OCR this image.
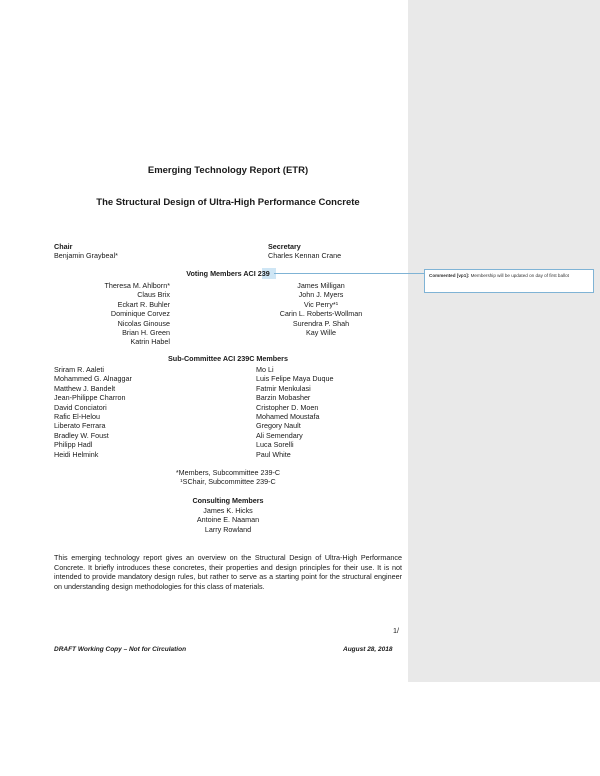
Emerging Technology Report (ETR)
The Structural Design of Ultra-High Performance Concrete
Chair
Benjamin Graybeal*
Secretary
Charles Kennan Crane
Voting Members ACI 239
Theresa M. Ahlborn*
Claus Brix
Eckart R. Buhler
Dominique Corvez
Nicolas Ginouse
Brian H. Green
Katrin Habel
James Milligan
John J. Myers
Vic Perry*¹
Carin L. Roberts-Wollman
Surendra P. Shah
Kay Wille
Sub-Committee ACI 239C Members
Sriram R. Aaleti
Mohammed G. Alnaggar
Matthew J. Bandelt
Jean-Philippe Charron
David Conciatori
Rafic El-Helou
Liberato Ferrara
Bradley W. Foust
Philipp Hadl
Heidi Helmink
Mo Li
Luis Felipe Maya Duque
Fatmir Menkulasi
Barzin Mobasher
Cristopher D. Moen
Mohamed Moustafa
Gregory Nault
Ali Semendary
Luca Sorelli
Paul White
*Members, Subcommittee 239-C
¹SChair, Subcommittee 239-C
Consulting Members
James K. Hicks
Antoine E. Naaman
Larry Rowland
This emerging technology report gives an overview on the Structural Design of Ultra-High Performance Concrete. It briefly introduces these concretes, their properties and design principles for their use. It is not intended to provide mandatory design rules, but rather to serve as a starting point for the structural engineer on understanding design methodologies for this class of materials.
1/
DRAFT Working Copy – Not for Circulation	August 28, 2018
Commented [vp1]: Membership will be updated on day of first ballot
